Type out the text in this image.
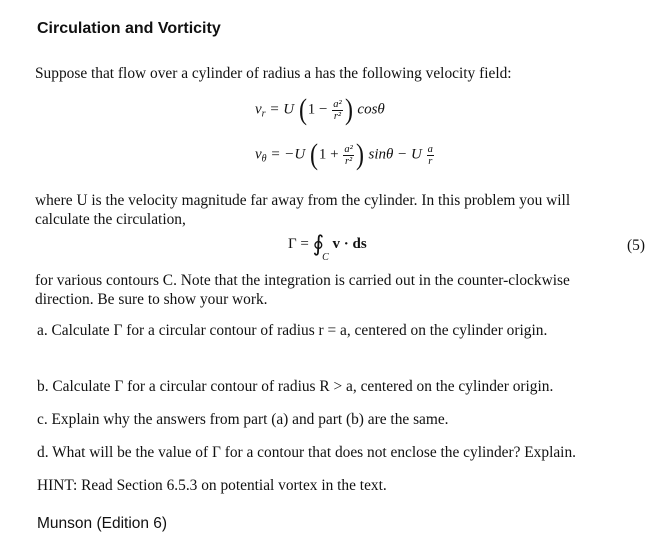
Circulation and Vorticity
Suppose that flow over a cylinder of radius a has the following velocity field:
$v_r = U$ ($1 - \frac{\text{a²}}{\text{r²}}$ ) cosθ
$v_\theta = -U$ ($1 + \frac{\text{a²}}{\text{r²}}$ ) sinθ − U $\frac{a}{r}$
where U is the velocity magnitude far away from the cylinder. In this problem you will
calculate the circulation,
$\Gamma = ∮_C$ v · ds	(5)
for various contours C. Note that the integration is carried out in the counter-clockwise
direction. Be sure to show your work.
a. Calculate Γ for a circular contour of radius r = a, centered on the cylinder origin.
b. Calculate Γ for a circular contour of radius R > a, centered on the cylinder origin.
c. Explain why the answers from part (a) and part (b) are the same.
d. What will be the value of Γ for a contour that does not enclose the cylinder? Explain.
HINT: Read Section 6.5.3 on potential vortex in the text.
Munson (Edition 6)
